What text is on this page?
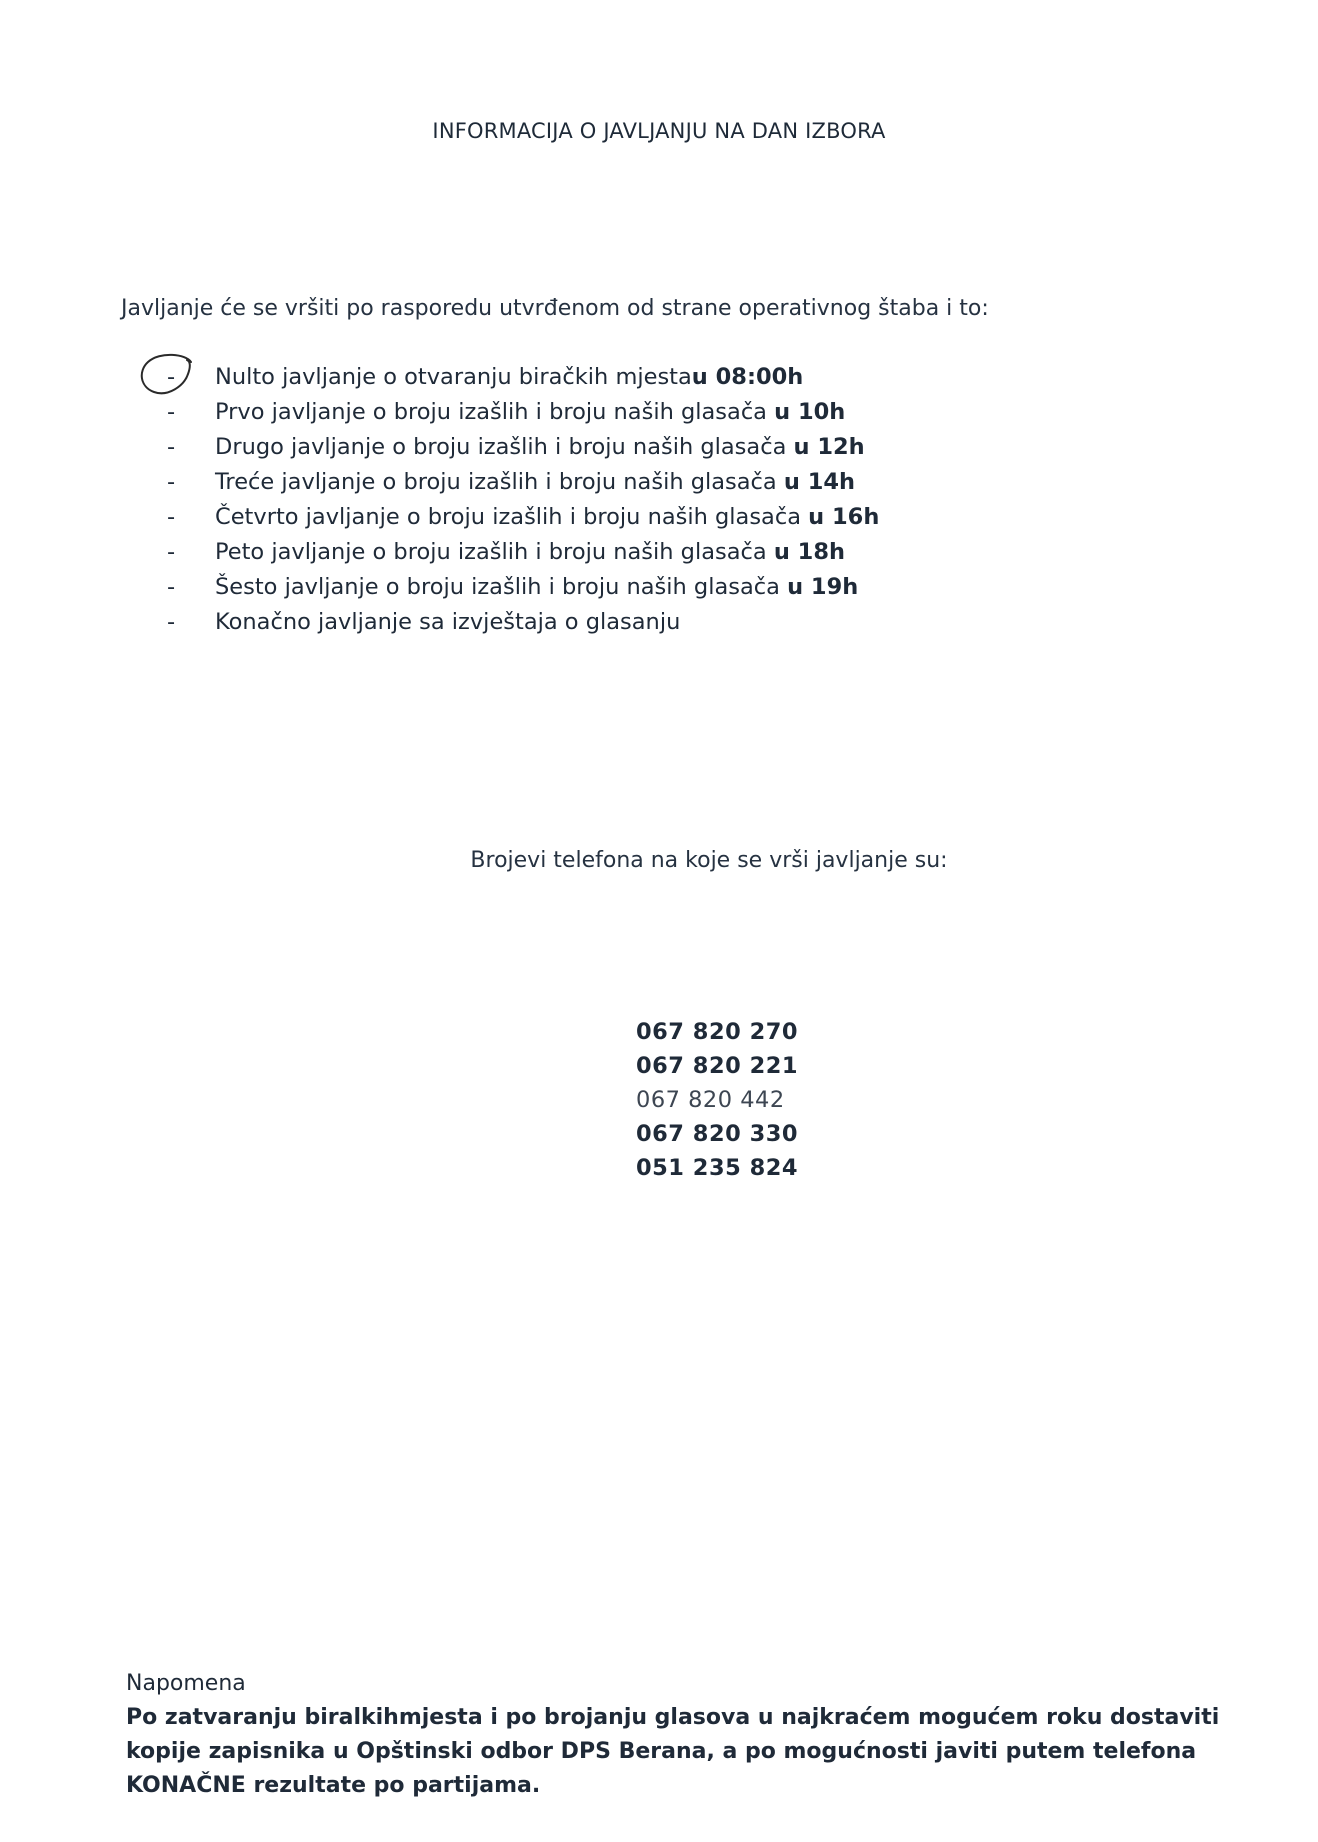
INFORMACIJA O JAVLJANJU NA DAN IZBORA
Javljanje će se vršiti po rasporedu utvrđenom od strane operativnog štaba i to:
- Nulto javljanje o otvaranju biračkih mjestau 08:00h
- Prvo javljanje o broju izašlih i broju naših glasača u 10h
- Drugo javljanje o broju izašlih i broju naših glasača u 12h
- Treće javljanje o broju izašlih i broju naših glasača u 14h
- Četvrto javljanje o broju izašlih i broju naših glasača u 16h
- Peto javljanje o broju izašlih i broju naših glasača u 18h
- Šesto javljanje o broju izašlih i broju naših glasača u 19h
- Konačno javljanje sa izvještaja o glasanju
Brojevi telefona na koje se vrši javljanje su:
067 820 270
067 820 221
067 820 442
067 820 330
051 235 824
Napomena
Po zatvaranju biralkihmjesta i po brojanju glasova u najkraćem mogućem roku dostaviti kopije zapisnika u Opštinski odbor DPS Berana, a po mogućnosti javiti putem telefona KONAČNE rezultate po partijama.
